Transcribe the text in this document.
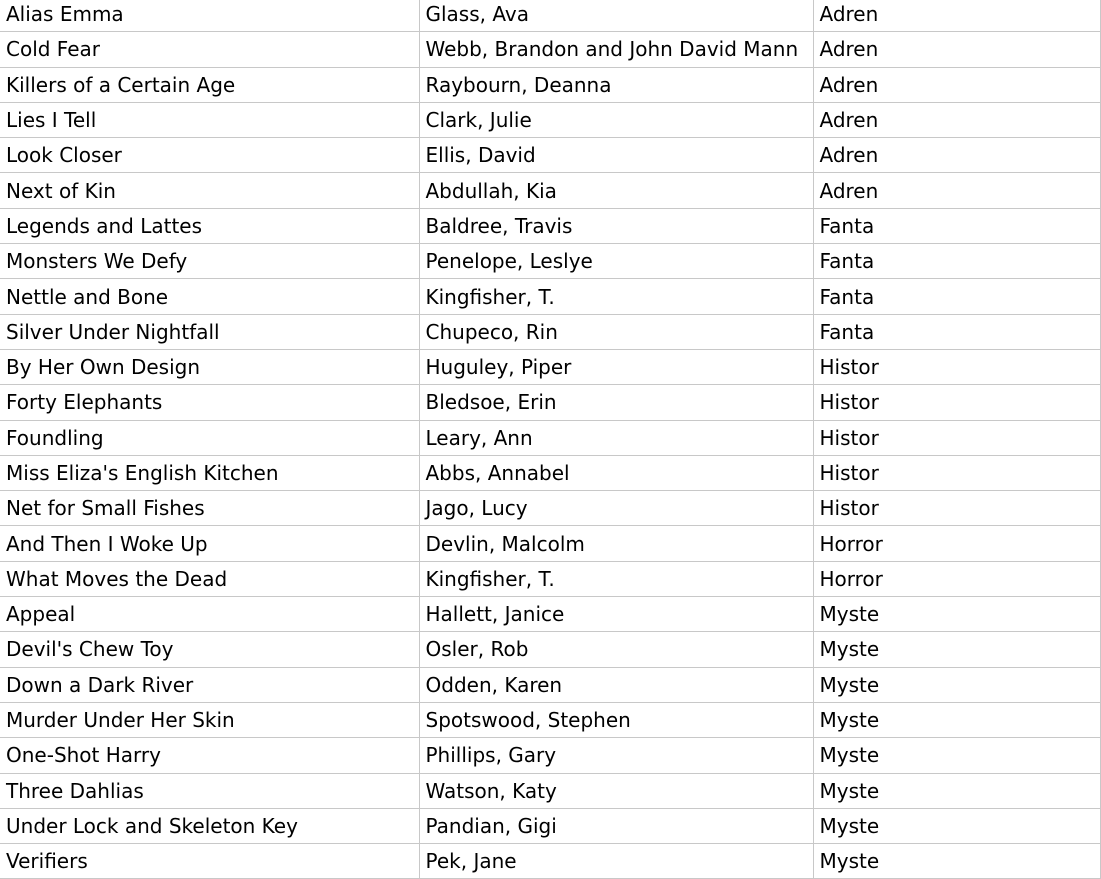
Alias Emma	Glass, Ava	Adren
Cold Fear	Webb, Brandon and John David Mann	Adren
Killers of a Certain Age	Raybourn, Deanna	Adren
Lies I Tell	Clark, Julie	Adren
Look Closer	Ellis, David	Adren
Next of Kin	Abdullah, Kia	Adren
Legends and Lattes	Baldree, Travis	Fanta
Monsters We Defy	Penelope, Leslye	Fanta
Nettle and Bone	Kingfisher, T.	Fanta
Silver Under Nightfall	Chupeco, Rin	Fanta
By Her Own Design	Huguley, Piper	Histor
Forty Elephants	Bledsoe, Erin	Histor
Foundling	Leary, Ann	Histor
Miss Eliza's English Kitchen	Abbs, Annabel	Histor
Net for Small Fishes	Jago, Lucy	Histor
And Then I Woke Up	Devlin, Malcolm	Horror
What Moves the Dead	Kingfisher, T.	Horror
Appeal	Hallett, Janice	Myste
Devil's Chew Toy	Osler, Rob	Myste
Down a Dark River	Odden, Karen	Myste
Murder Under Her Skin	Spotswood, Stephen	Myste
One-Shot Harry	Phillips, Gary	Myste
Three Dahlias	Watson, Katy	Myste
Under Lock and Skeleton Key	Pandian, Gigi	Myste
Verifiers	Pek, Jane	Myste
